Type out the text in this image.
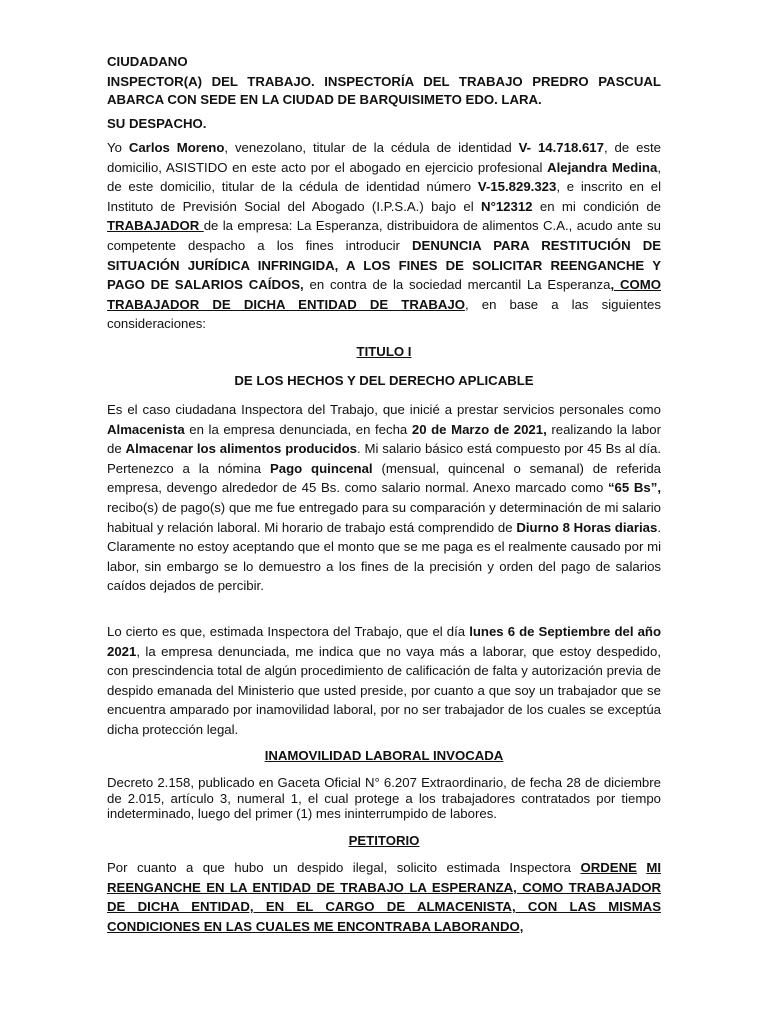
CIUDADANO

INSPECTOR(A) DEL TRABAJO. INSPECTORÍA DEL TRABAJO PREDRO PASCUAL ABARCA CON SEDE EN LA CIUDAD DE BARQUISIMETO EDO. LARA.

SU DESPACHO.

Yo Carlos Moreno, venezolano, titular de la cédula de identidad V- 14.718.617, de este domicilio, ASISTIDO en este acto por el abogado en ejercicio profesional Alejandra Medina, de este domicilio, titular de la cédula de identidad número V-15.829.323, e inscrito en el Instituto de Previsión Social del Abogado (I.P.S.A.) bajo el N°12312 en mi condición de TRABAJADOR de la empresa: La Esperanza, distribuidora de alimentos C.A., acudo ante su competente despacho a los fines introducir DENUNCIA PARA RESTITUCIÓN DE SITUACIÓN JURÍDICA INFRINGIDA, A LOS FINES DE SOLICITAR REENGANCHE Y PAGO DE SALARIOS CAÍDOS, en contra de la sociedad mercantil La Esperanza, COMO TRABAJADOR DE DICHA ENTIDAD DE TRABAJO, en base a las siguientes consideraciones:

TITULO I

DE LOS HECHOS Y DEL DERECHO APLICABLE

Es el caso ciudadana Inspectora del Trabajo, que inicié a prestar servicios personales como Almacenista en la empresa denunciada, en fecha 20 de Marzo de 2021, realizando la labor de Almacenar los alimentos producidos. Mi salario básico está compuesto por 45 Bs al día. Pertenezco a la nómina Pago quincenal (mensual, quincenal o semanal) de referida empresa, devengo alrededor de 45 Bs. como salario normal. Anexo marcado como “65 Bs”, recibo(s) de pago(s) que me fue entregado para su comparación y determinación de mi salario habitual y relación laboral. Mi horario de trabajo está comprendido de Diurno 8 Horas diarias. Claramente no estoy aceptando que el monto que se me paga es el realmente causado por mi labor, sin embargo se lo demuestro a los fines de la precisión y orden del pago de salarios caídos dejados de percibir.

Lo cierto es que, estimada Inspectora del Trabajo, que el día lunes 6 de Septiembre del año 2021, la empresa denunciada, me indica que no vaya más a laborar, que estoy despedido, con prescindencia total de algún procedimiento de calificación de falta y autorización previa de despido emanada del Ministerio que usted preside, por cuanto a que soy un trabajador que se encuentra amparado por inamovilidad laboral, por no ser trabajador de los cuales se exceptúa dicha protección legal.

INAMOVILIDAD LABORAL INVOCADA

Decreto 2.158, publicado en Gaceta Oficial N° 6.207 Extraordinario, de fecha 28 de diciembre de 2.015, artículo 3, numeral 1, el cual protege a los trabajadores contratados por tiempo indeterminado, luego del primer (1) mes ininterrumpido de labores.

PETITORIO

Por cuanto a que hubo un despido ilegal, solicito estimada Inspectora ORDENE MI REENGANCHE EN LA ENTIDAD DE TRABAJO LA ESPERANZA, COMO TRABAJADOR DE DICHA ENTIDAD, EN EL CARGO DE ALMACENISTA, CON LAS MISMAS CONDICIONES EN LAS CUALES ME ENCONTRABA LABORANDO,
